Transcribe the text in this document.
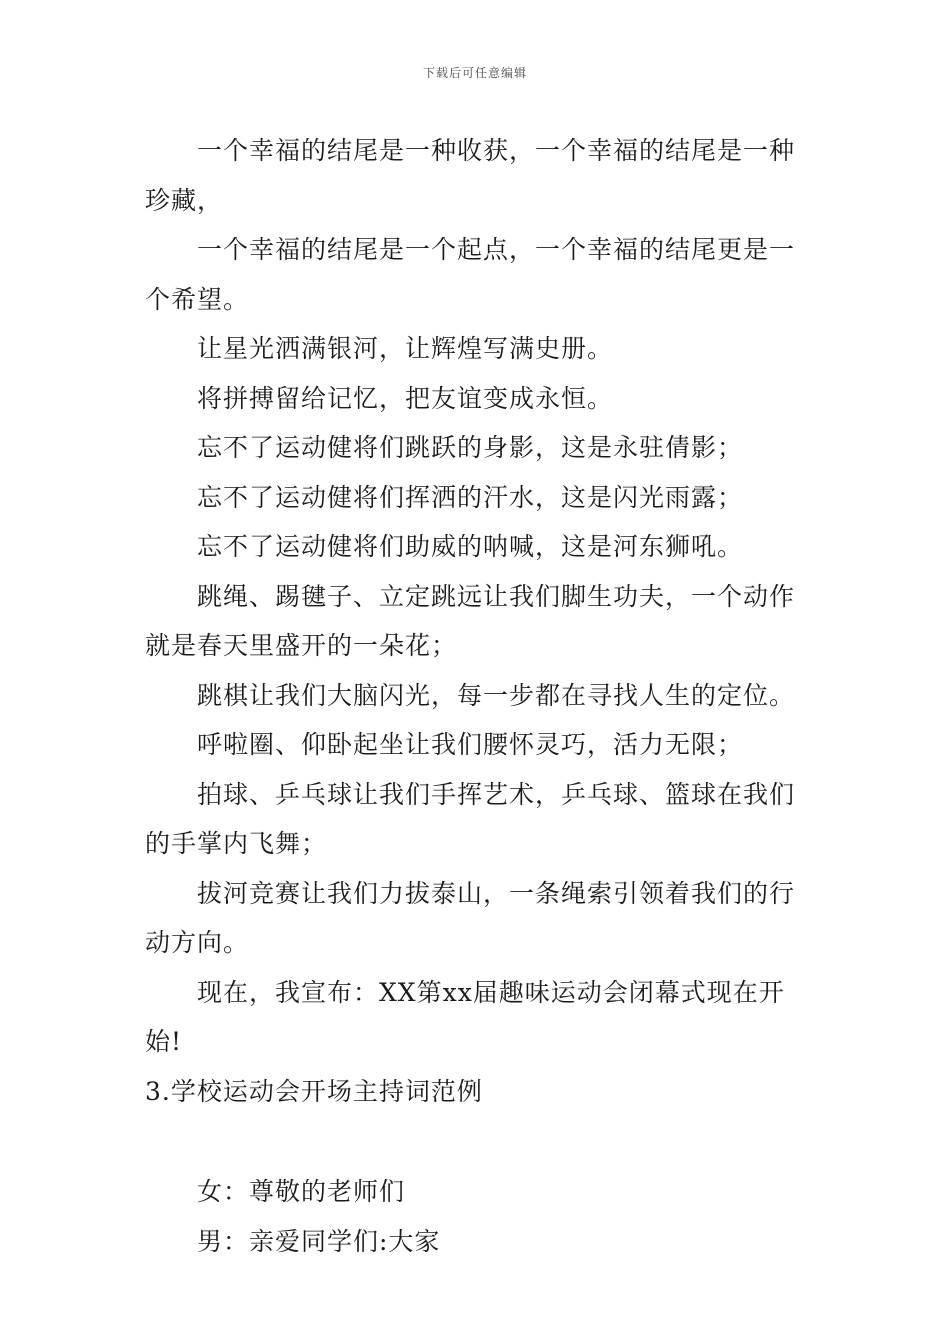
下载后可任意编辑

一个幸福的结尾是一种收获，一个幸福的结尾是一种珍藏，

一个幸福的结尾是一个起点，一个幸福的结尾更是一个希望。

让星光洒满银河，让辉煌写满史册。

将拼搏留给记忆，把友谊变成永恒。

忘不了运动健将们跳跃的身影，这是永驻倩影；

忘不了运动健将们挥洒的汗水，这是闪光雨露；

忘不了运动健将们助威的呐喊，这是河东狮吼。

跳绳、踢毽子、立定跳远让我们脚生功夫，一个动作就是春天里盛开的一朵花；

跳棋让我们大脑闪光，每一步都在寻找人生的定位。

呼啦圈、仰卧起坐让我们腰怀灵巧，活力无限；

拍球、乒乓球让我们手挥艺术，乒乓球、篮球在我们的手掌内飞舞；

拔河竞赛让我们力拔泰山，一条绳索引领着我们的行动方向。

现在，我宣布：XX第xx届趣味运动会闭幕式现在开始!

3.学校运动会开场主持词范例

女：尊敬的老师们

男：亲爱同学们:大家
